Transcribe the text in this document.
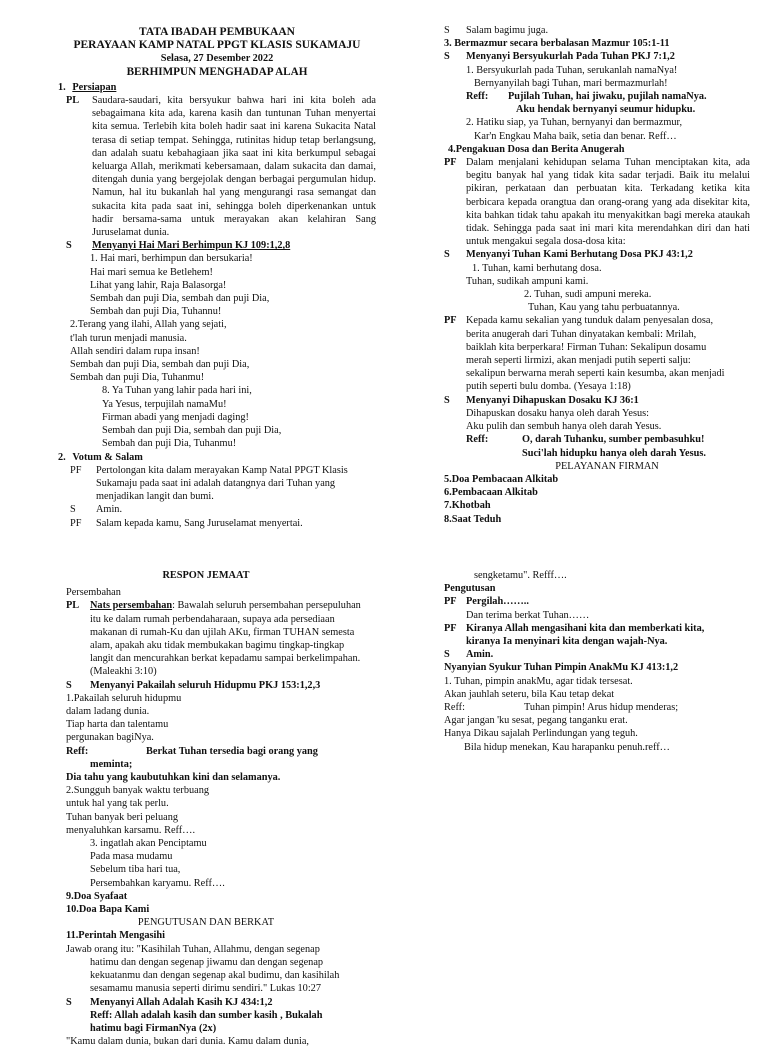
TATA IBADAH PEMBUKAAN
PERAYAAN KAMP NATAL PPGT KLASIS SUKAMAJU
Selasa, 27 Desember 2022
BERHIMPUN MENGHADAP ALAH
1. Persiapan
PL Saudara-saudari, kita bersyukur bahwa hari ini kita boleh ada sebagaimana kita ada, karena kasih dan tuntunan Tuhan menyertai kita semua. Terlebih kita boleh hadir saat ini karena Sukacita Natal terasa di setiap tempat. Sehingga, rutinitas hidup tetap berlangsung, dan adalah suatu kebahagiaan jika saat ini kita berkumpul sebagai keluarga Allah, merikmati kebersamaan, dalam sukacita dan damai, ditengah dunia yang bergejolak dengan berbagai pergumulan hidup. Namun, hal itu bukanlah hal yang mengurangi rasa semangat dan sukacita kita pada saat ini, sehingga boleh diperkenankan untuk hadir bersama-sama untuk merayakan akan kelahiran Sang Juruselamat dunia.
S Menyanyi Hai Mari Berhimpun KJ 109:1,2,8
1. Hai mari, berhimpun dan bersukaria!
Hai mari semua ke Betlehem!
Lihat yang lahir, Raja Balasorga!
Sembah dan puji Dia, sembah dan puji Dia,
Sembah dan puji Dia, Tuhannu!
2.Terang yang ilahi, Allah yang sejati,
t'lah turun menjadi manusia.
Allah sendiri dalam rupa insan!
Sembah dan puji Dia, sembah dan puji Dia,
Sembah dan puji Dia, Tuhanmu!
8. Ya Tuhan yang lahir pada hari ini,
Ya Yesus, terpujilah namaMu!
Firman abadi yang menjadi daging!
Sembah dan puji Dia, sembah dan puji Dia,
Sembah dan puji Dia, Tuhanmu!
2. Votum & Salam
PF Pertolongan kita dalam merayakan Kamp Natal PPGT Klasis Sukamaju pada saat ini adalah datangnya dari Tuhan yang menjadikan langit dan bumi.
S Amin.
PF Salam kepada kamu, Sang Juruselamat menyertai.
S Salam bagimu juga.
3. Bermazmur secara berbalasan Mazmur 105:1-11
S Menyanyi Bersyukurlah Pada Tuhan PKJ 7:1,2
1. Bersyukurlah pada Tuhan, serukanlah namaNya!
Bernyanyilah bagi Tuhan, mari bermazmurlah!
Reff:	Pujilah Tuhan, hai jiwaku, pujilah namaNya.
Aku hendak bernyanyi seumur hidupku.
2. Hatiku siap, ya Tuhan, bernyanyi dan bermazmur,
Kar'n Engkau Maha baik, setia dan benar. Reff…
4.Pengakuan Dosa dan Berita Anugerah
PF Dalam menjalani kehidupan selama Tuhan menciptakan kita, ada begitu banyak hal yang tidak kita sadar terjadi. Baik itu melalui pikiran, perkataan dan perbuatan kita. Terkadang ketika kita berbicara kepada orangtua dan orang-orang yang ada disekitar kita, kita bahkan tidak tahu apakah itu menyakitkan bagi mereka ataukah tidak. Sehingga pada saat ini mari kita merendahkan diri dan hati untuk mengakui segala dosa-dosa kita:
S Menyanyi Tuhan Kami Berhutang Dosa PKJ 43:1,2
1. Tuhan, kami berhutang dosa.
Tuhan, sudikah ampuni kami.
2. Tuhan, sudi ampuni mereka.
Tuhan, Kau yang tahu perbuatannya.
PF Kepada kamu sekalian yang tunduk dalam penyesalan dosa,
berita anugerah dari Tuhan dinyatakan kembali: Mrilah,
baiklah kita berperkara! Firman Tuhan: Sekalipun dosamu
merah seperti lirmizi, akan menjadi putih seperti salju:
sekalipun berwarna merah seperti kain kesumba, akan menjadi
putih seperti bulu domba. (Yesaya 1:18)
S Menyanyi Dihapuskan Dosaku KJ 36:1
Dihapuskan dosaku hanya oleh darah Yesus:
Aku pulih dan sembuh hanya oleh darah Yesus.
Reff:	O, darah Tuhanku, sumber pembasuhku!
Suci'lah hidupku hanya oleh darah Yesus.
PELAYANAN FIRMAN
5.Doa Pembacaan Alkitab
6.Pembacaan Alkitab
7.Khotbah
8.Saat Teduh
RESPON JEMAAT
Persembahan
PL Nats persembahan: Bawalah seluruh persembahan persepuluhan itu ke dalam rumah perbendaharaan, supaya ada persediaan makanan di rumah-Ku dan ujilah AKu, firman TUHAN semesta alam, apakah aku tidak membukakan bagimu tingkap-tingkap langit dan mencurahkan berkat kepadamu sampai berkelimpahan. (Maleakhi 3:10)
S Menyanyi Pakailah seluruh Hidupmu PKJ 153:1,2,3
1.Pakailah seluruh hidupmu
dalam ladang dunia.
Tiap harta dan talentamu
pergunakan bagiNya.
Reff:	Berkat Tuhan tersedia bagi orang yang
meminta;
Dia tahu yang kaubutuhkan kini dan selamanya.
2.Sungguh banyak waktu terbuang
untuk hal yang tak perlu.
Tuhan banyak beri peluang
menyaluhkan karsamu. Reff….
3. ingatlah akan Penciptamu
Pada masa mudamu
Sebelum tiba hari tua,
Persembahkan karyamu. Reff….
9.Doa Syafaat
10.Doa Bapa Kami
PENGUTUSAN DAN BERKAT
11.Perintah Mengasihi
Jawab orang itu: "Kasihilah Tuhan, Allahmu, dengan segenap
hatimu dan dengan segenap jiwamu dan dengan segenap
kekuatanmu dan dengan segenap akal budimu, dan kasihilah
sesamamu manusia seperti dirimu sendiri." Lukas 10:27
S Menyanyi Allah Adalah Kasih KJ 434:1,2
Reff: Allah adalah kasih dan sumber kasih , Bukalah
hatimu bagi FirmanNya (2x)
"Kamu dalam dunia, bukan dari dunia. Kamu dalam dunia,
sengketamu". Refff….
Pengutusan
PF Pergilah……..
Dan terima berkat Tuhan……
PF Kiranya Allah mengasihani kita dan memberkati kita,
kiranya Ia menyinari kita dengan wajah-Nya.
S Amin.
Nyanyian Syukur Tuhan Pimpin AnakMu KJ 413:1,2
1. Tuhan, pimpin anakMu, agar tidak tersesat.
Akan jauhlah seteru, bila Kau tetap dekat
Reff:	Tuhan pimpin! Arus hidup menderas;
Agar jangan 'ku sesat, pegang tanganku erat.
Hanya Dikau sajalah Perlindungan yang teguh.
Bila hidup menekan, Kau harapanku penuh.reff…
